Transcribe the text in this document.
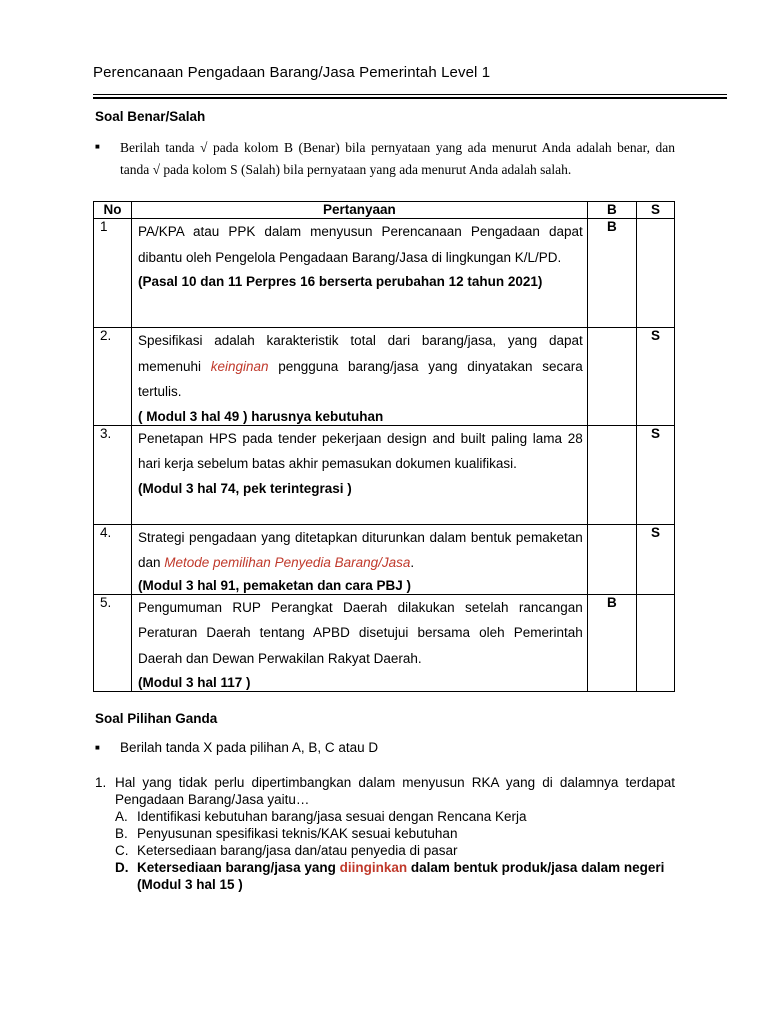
Perencanaan Pengadaan Barang/Jasa Pemerintah Level 1
Soal Benar/Salah
■	Berilah tanda √ pada kolom B (Benar) bila pernyataan yang ada menurut Anda adalah benar, dan tanda √ pada kolom S (Salah) bila pernyataan yang ada menurut Anda adalah salah.
No	Pertanyaan	B	S
1	PA/KPA atau PPK dalam menyusun Perencanaan Pengadaan dapat dibantu oleh Pengelola Pengadaan Barang/Jasa di lingkungan K/L/PD.
(Pasal 10 dan 11 Perpres 16 berserta perubahan 12 tahun 2021)	B	
2.	Spesifikasi adalah karakteristik total dari barang/jasa, yang dapat memenuhi keinginan pengguna barang/jasa yang dinyatakan secara tertulis.
( Modul 3 hal 49 ) harusnya kebutuhan		S
3.	Penetapan HPS pada tender pekerjaan design and built paling lama 28 hari kerja sebelum batas akhir pemasukan dokumen kualifikasi.
(Modul 3 hal 74, pek terintegrasi )		S
4.	Strategi pengadaan yang ditetapkan diturunkan dalam bentuk pemaketan dan Metode pemilihan Penyedia Barang/Jasa.
(Modul 3 hal 91, pemaketan dan cara PBJ )		S
5.	Pengumuman RUP Perangkat Daerah dilakukan setelah rancangan Peraturan Daerah tentang APBD disetujui bersama oleh Pemerintah Daerah dan Dewan Perwakilan Rakyat Daerah.
(Modul 3 hal 117 )	B	
Soal Pilihan Ganda
■	Berilah tanda X pada pilihan A, B, C atau D
1. Hal yang tidak perlu dipertimbangkan dalam menyusun RKA yang di dalamnya terdapat Pengadaan Barang/Jasa yaitu…
A. Identifikasi kebutuhan barang/jasa sesuai dengan Rencana Kerja
B. Penyusunan spesifikasi teknis/KAK sesuai kebutuhan
C. Ketersediaan barang/jasa dan/atau penyedia di pasar
D. Ketersediaan barang/jasa yang diinginkan dalam bentuk produk/jasa dalam negeri
(Modul 3 hal 15 )
